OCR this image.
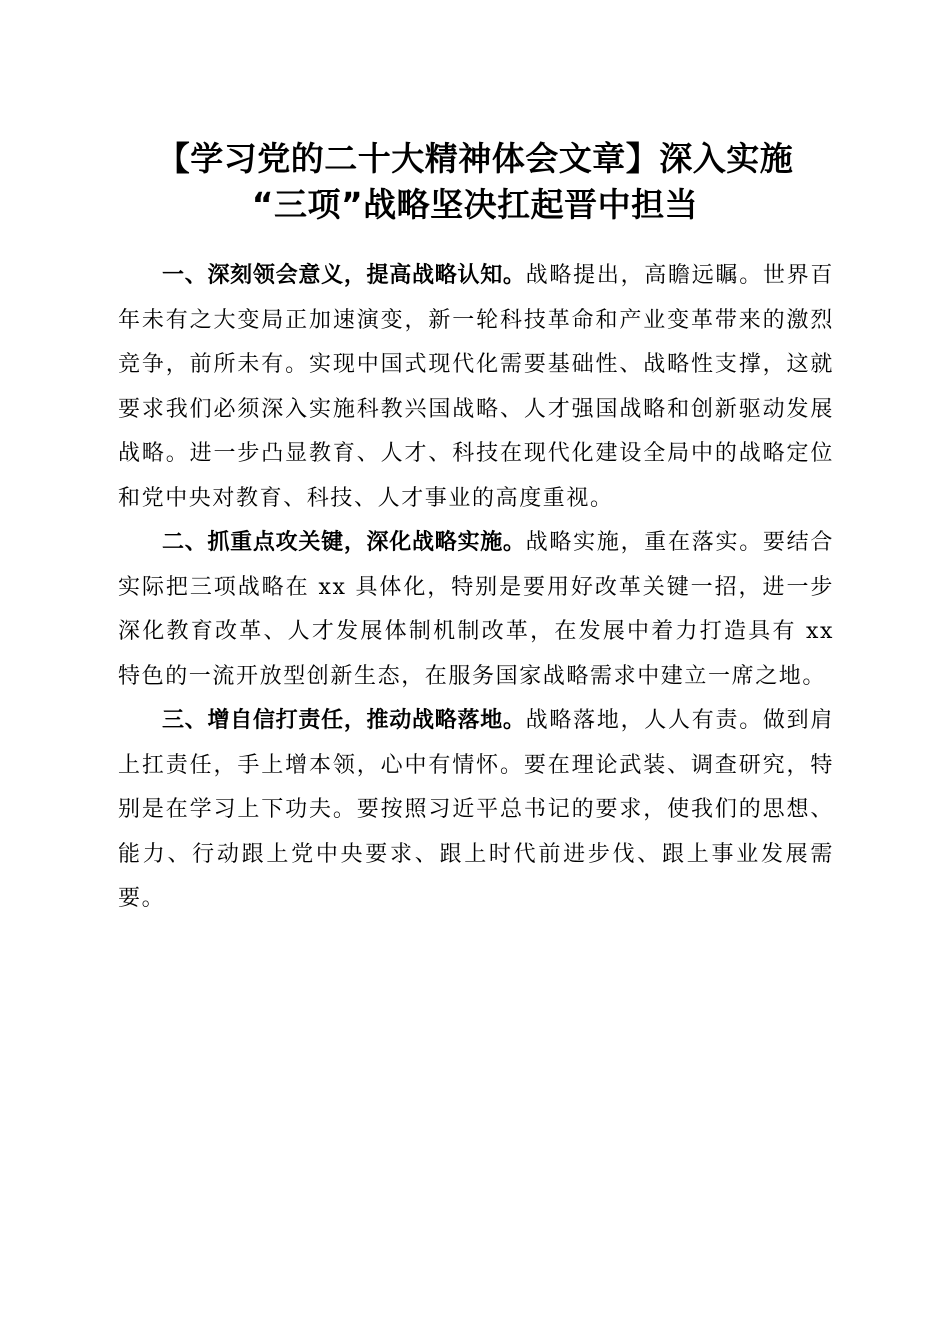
【学习党的二十大精神体会文章】深入实施
“三项”战略坚决扛起晋中担当

一、深刻领会意义，提高战略认知。战略提出，高瞻远瞩。世界百年未有之大变局正加速演变，新一轮科技革命和产业变革带来的激烈竞争，前所未有。实现中国式现代化需要基础性、战略性支撑，这就要求我们必须深入实施科教兴国战略、人才强国战略和创新驱动发展战略。进一步凸显教育、人才、科技在现代化建设全局中的战略定位和党中央对教育、科技、人才事业的高度重视。

二、抓重点攻关键，深化战略实施。战略实施，重在落实。要结合实际把三项战略在 xx 具体化，特别是要用好改革关键一招，进一步深化教育改革、人才发展体制机制改革，在发展中着力打造具有 xx 特色的一流开放型创新生态，在服务国家战略需求中建立一席之地。

三、增自信打责任，推动战略落地。战略落地，人人有责。做到肩上扛责任，手上增本领，心中有情怀。要在理论武装、调查研究，特别是在学习上下功夫。要按照习近平总书记的要求，使我们的思想、能力、行动跟上党中央要求、跟上时代前进步伐、跟上事业发展需要。
